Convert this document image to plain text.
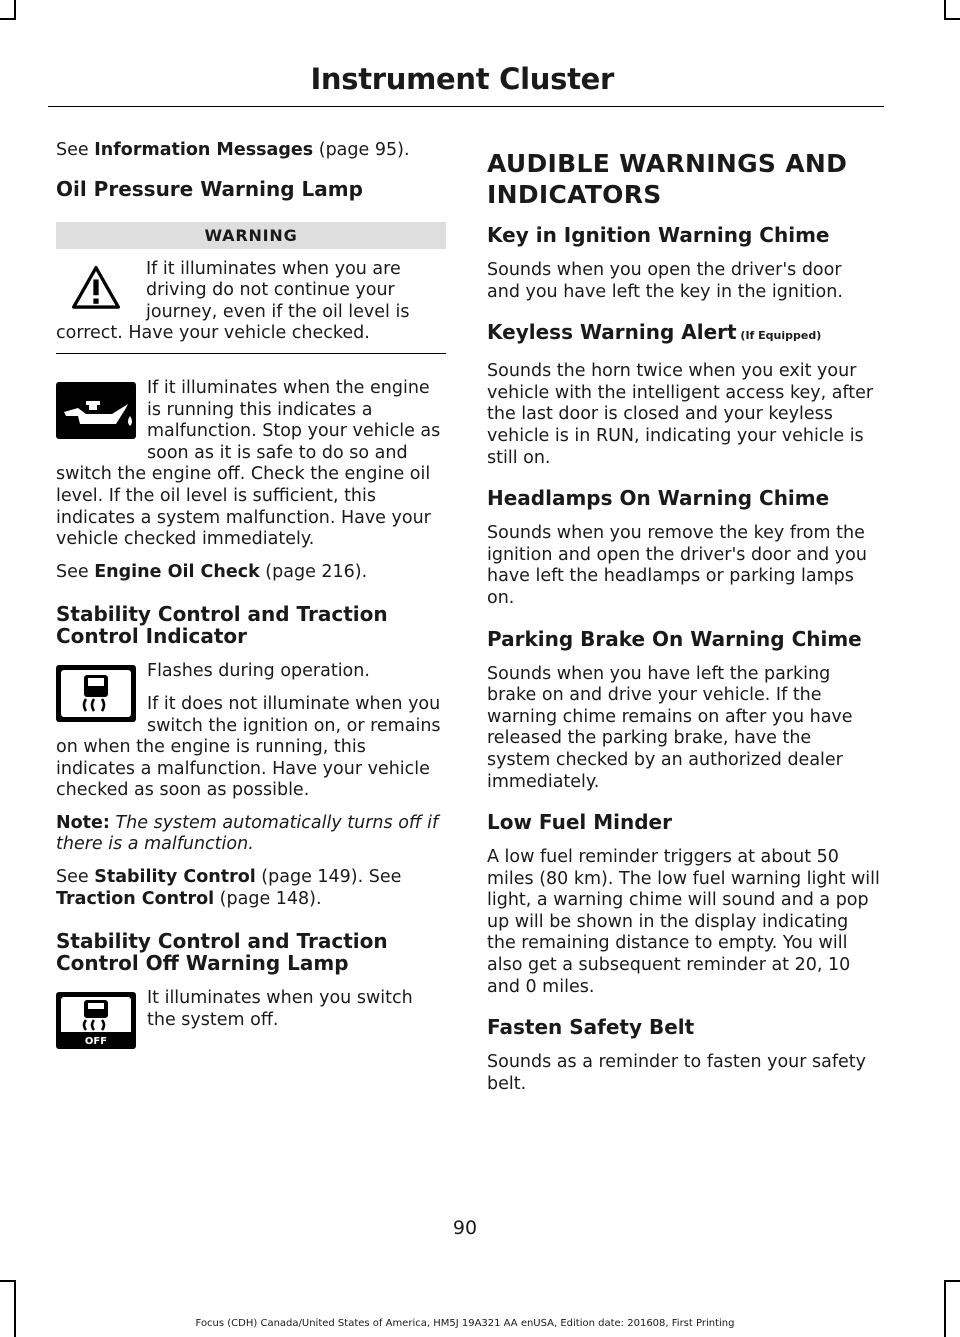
Instrument Cluster

See Information Messages (page 95).

Oil Pressure Warning Lamp
WARNING

If it illuminates when you are driving do not continue your journey, even if the oil level is correct. Have your vehicle checked.

If it illuminates when the engine is running this indicates a malfunction. Stop your vehicle as soon as it is safe to do so and switch the engine off. Check the engine oil level. If the oil level is sufficient, this indicates a system malfunction. Have your vehicle checked immediately.

See Engine Oil Check (page 216).

Stability Control and Traction Control Indicator

Flashes during operation.

If it does not illuminate when you switch the ignition on, or remains on when the engine is running, this indicates a malfunction. Have your vehicle checked as soon as possible.

Note: The system automatically turns off if there is a malfunction.

See Stability Control (page 149). See Traction Control (page 148).

Stability Control and Traction Control Off Warning Lamp
OFF

It illuminates when you switch the system off.

AUDIBLE WARNINGS AND INDICATORS
Key in Ignition Warning Chime

Sounds when you open the driver's door and you have left the key in the ignition.

Keyless Warning Alert (If Equipped)

Sounds the horn twice when you exit your vehicle with the intelligent access key, after the last door is closed and your keyless vehicle is in RUN, indicating your vehicle is still on.

Headlamps On Warning Chime

Sounds when you remove the key from the ignition and open the driver's door and you have left the headlamps or parking lamps on.

Parking Brake On Warning Chime

Sounds when you have left the parking brake on and drive your vehicle. If the warning chime remains on after you have released the parking brake, have the system checked by an authorized dealer immediately.

Low Fuel Minder

A low fuel reminder triggers at about 50 miles (80 km). The low fuel warning light will light, a warning chime will sound and a pop up will be shown in the display indicating the remaining distance to empty. You will also get a subsequent reminder at 20, 10 and 0 miles.

Fasten Safety Belt

Sounds as a reminder to fasten your safety belt.

90
Focus (CDH) Canada/United States of America, HM5J 19A321 AA enUSA, Edition date: 201608, First Printing
